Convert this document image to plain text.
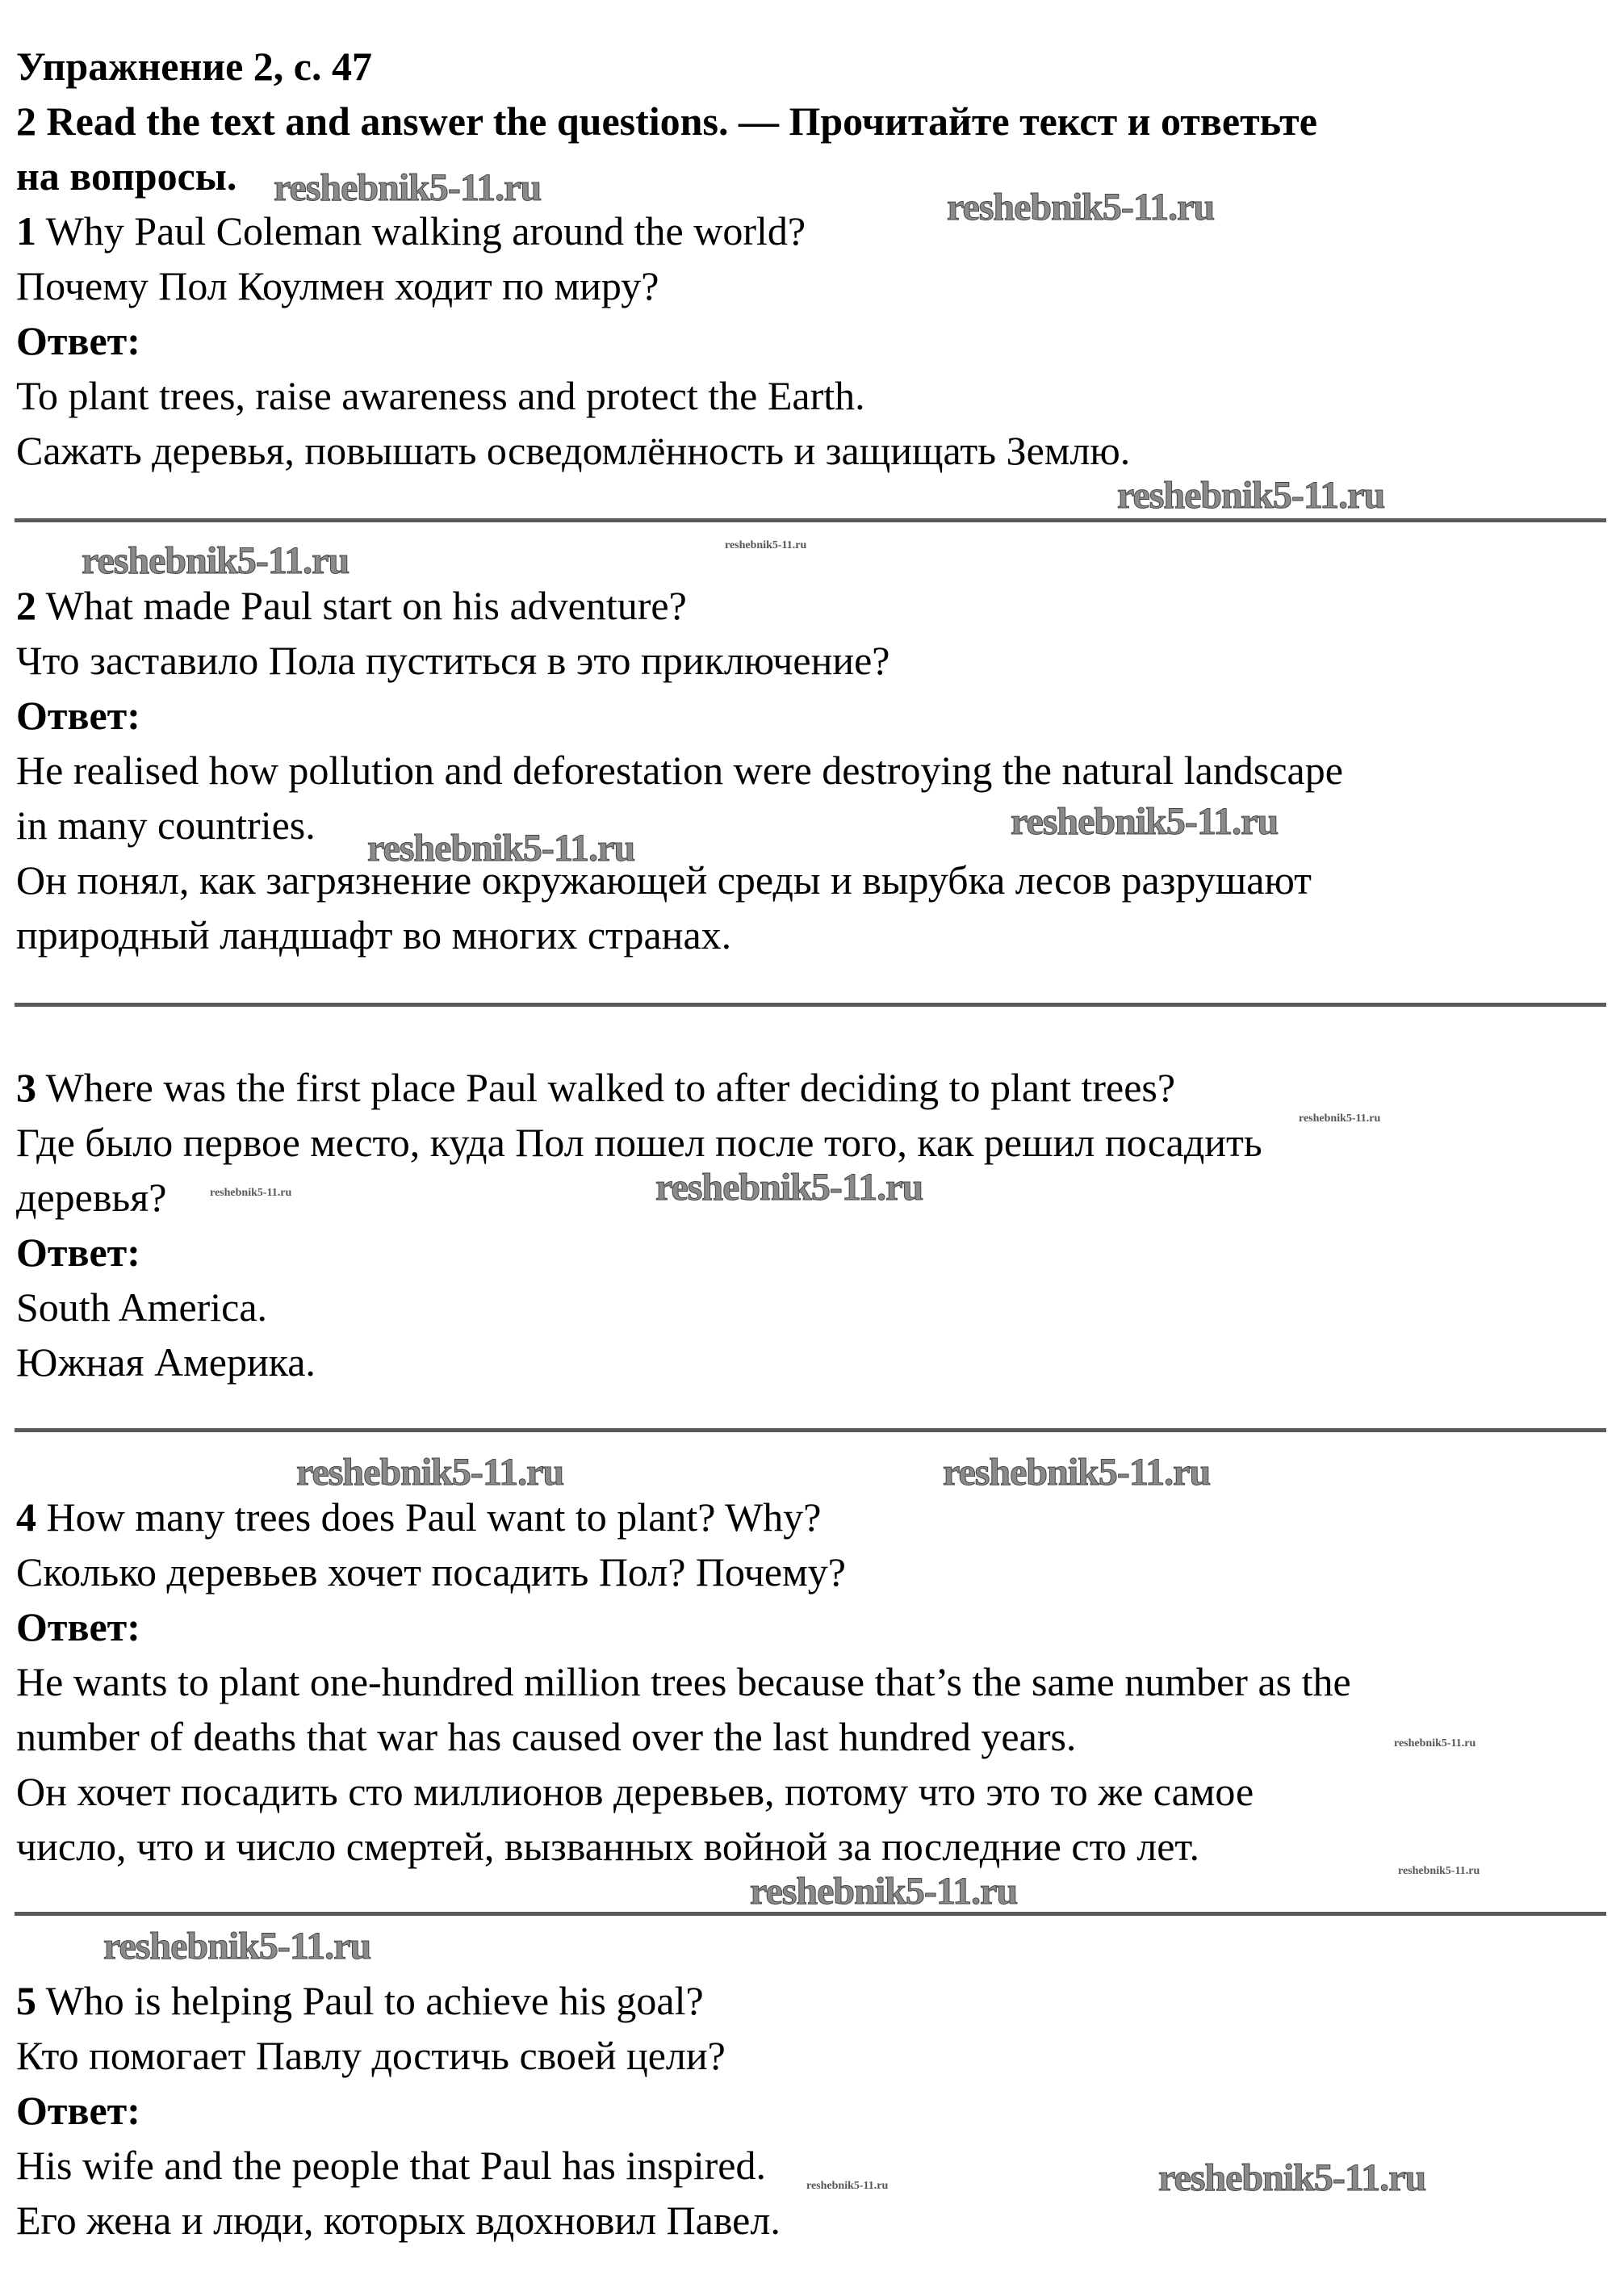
Упражнение 2, с. 47
2 Read the text and answer the questions. — Прочитайте текст и ответьте
на вопросы.
1 Why Paul Coleman walking around the world?
Почему Пол Коулмен ходит по миру?
Ответ:
To plant trees, raise awareness and protect the Earth.
Сажать деревья, повышать осведомлённость и защищать Землю.
2 What made Paul start on his adventure?
Что заставило Пола пуститься в это приключение?
Ответ:
He realised how pollution and deforestation were destroying the natural landscape
in many countries.
Он понял, как загрязнение окружающей среды и вырубка лесов разрушают
природный ландшафт во многих странах.
3 Where was the first place Paul walked to after deciding to plant trees?
Где было первое место, куда Пол пошел после того, как решил посадить
деревья?
Ответ:
South America.
Южная Америка.
4 How many trees does Paul want to plant? Why?
Сколько деревьев хочет посадить Пол? Почему?
Ответ:
He wants to plant one-hundred million trees because that’s the same number as the
number of deaths that war has caused over the last hundred years.
Он хочет посадить сто миллионов деревьев, потому что это то же самое
число, что и число смертей, вызванных войной за последние сто лет.
5 Who is helping Paul to achieve his goal?
Кто помогает Павлу достичь своей цели?
Ответ:
His wife and the people that Paul has inspired.
Его жена и люди, которых вдохновил Павел.
reshebnik5-11.ru	reshebnik5-11.ru
reshebnik5-11.ru
reshebnik5-11.ru	reshebnik5-11.ru
reshebnik5-11.ru
reshebnik5-11.ru
reshebnik5-11.ru
reshebnik5-11.ru
reshebnik5-11.ru
reshebnik5-11.ru	reshebnik5-11.ru
reshebnik5-11.ru
reshebnik5-11.ru
reshebnik5-11.ru
reshebnik5-11.ru
reshebnik5-11.ru
reshebnik5-11.ru
